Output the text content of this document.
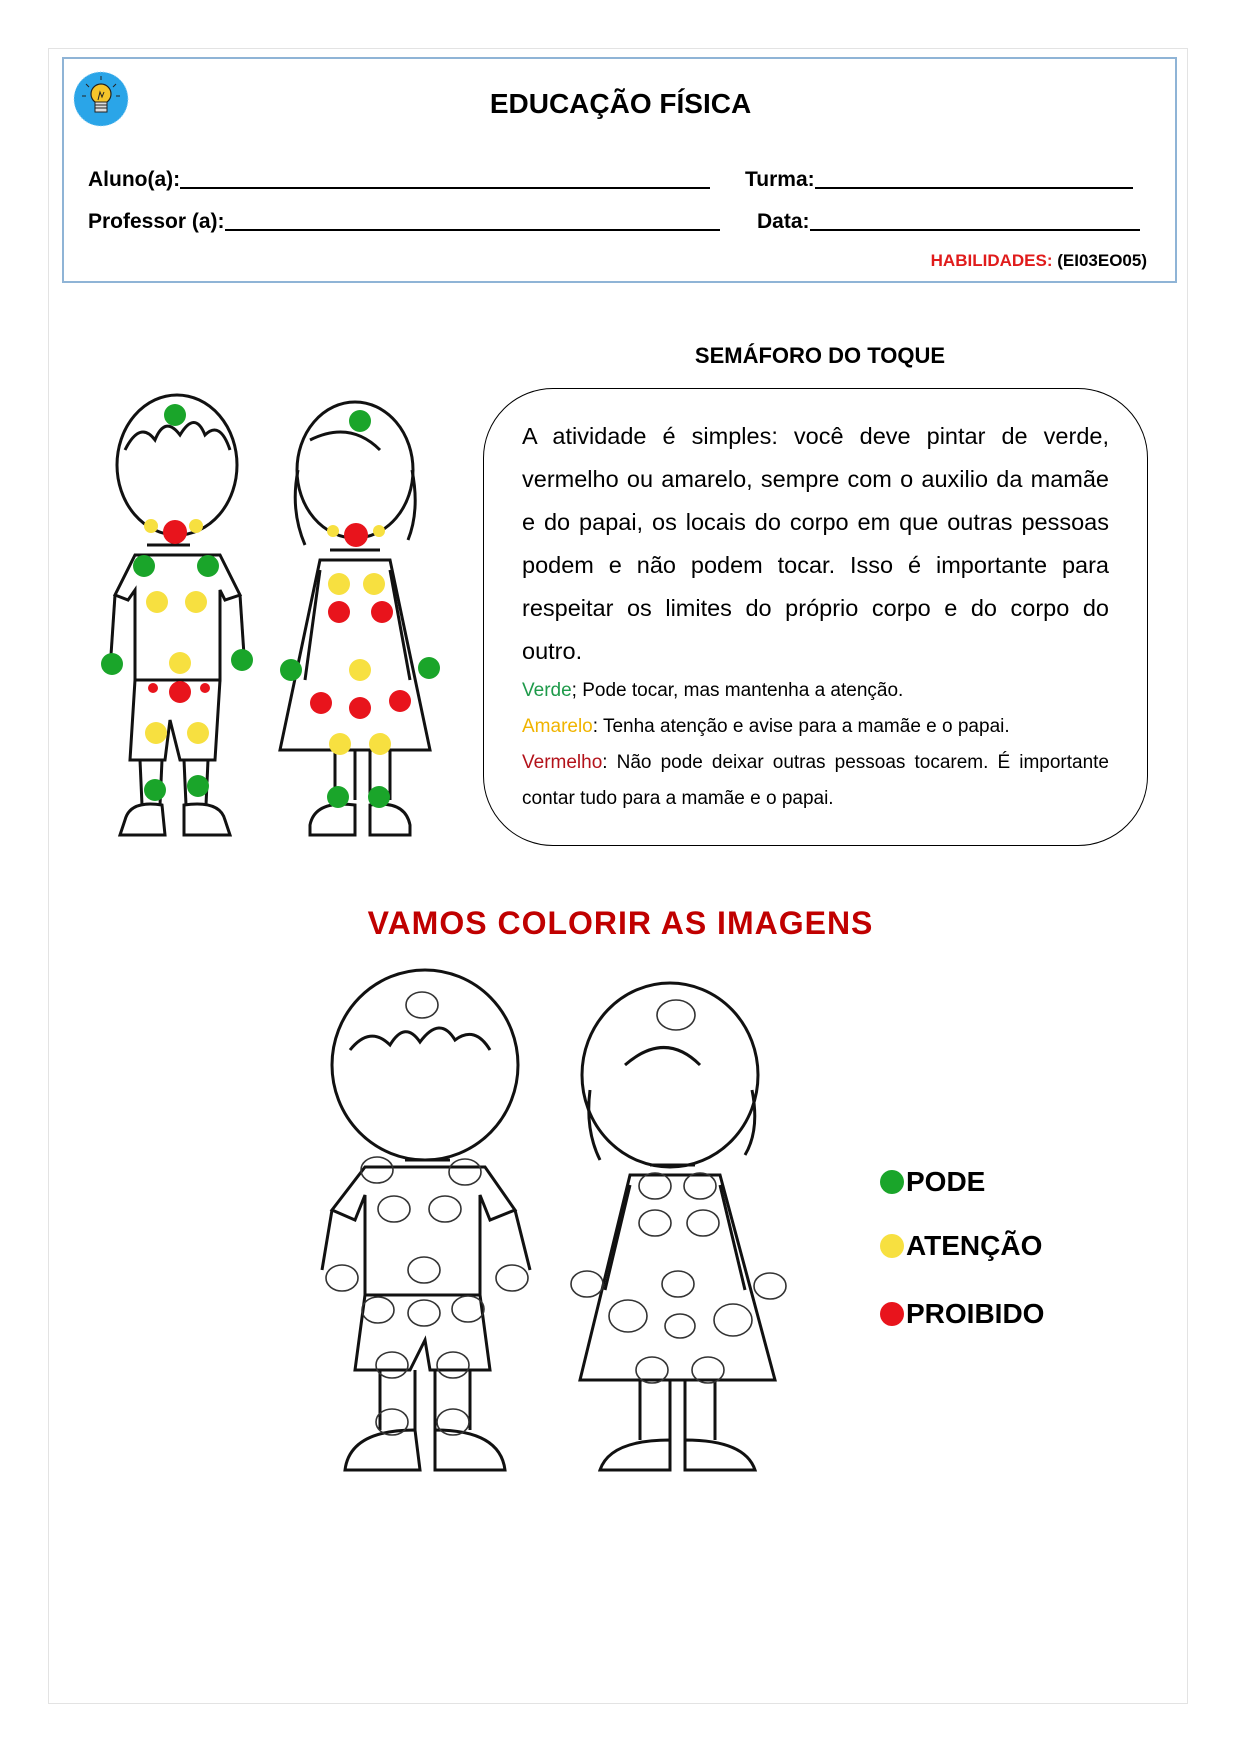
EDUCAÇÃO FÍSICA
Aluno(a):	Turma:
Professor (a):	Data:
HABILIDADES: (EI03EO05)
SEMÁFORO DO TOQUE
A atividade é simples: você deve pintar de verde, vermelho ou amarelo, sempre com o auxilio da mamãe e do papai, os locais do corpo em que outras pessoas podem e não podem tocar. Isso é importante para respeitar os limites do próprio corpo e do corpo do outro.
Verde; Pode tocar, mas mantenha a atenção.
Amarelo: Tenha atenção e avise para a mamãe e o papai.
Vermelho: Não pode deixar outras pessoas tocarem. É importante contar tudo para a mamãe e o papai.
VAMOS COLORIR AS IMAGENS
PODE
ATENÇÃO
PROIBIDO
